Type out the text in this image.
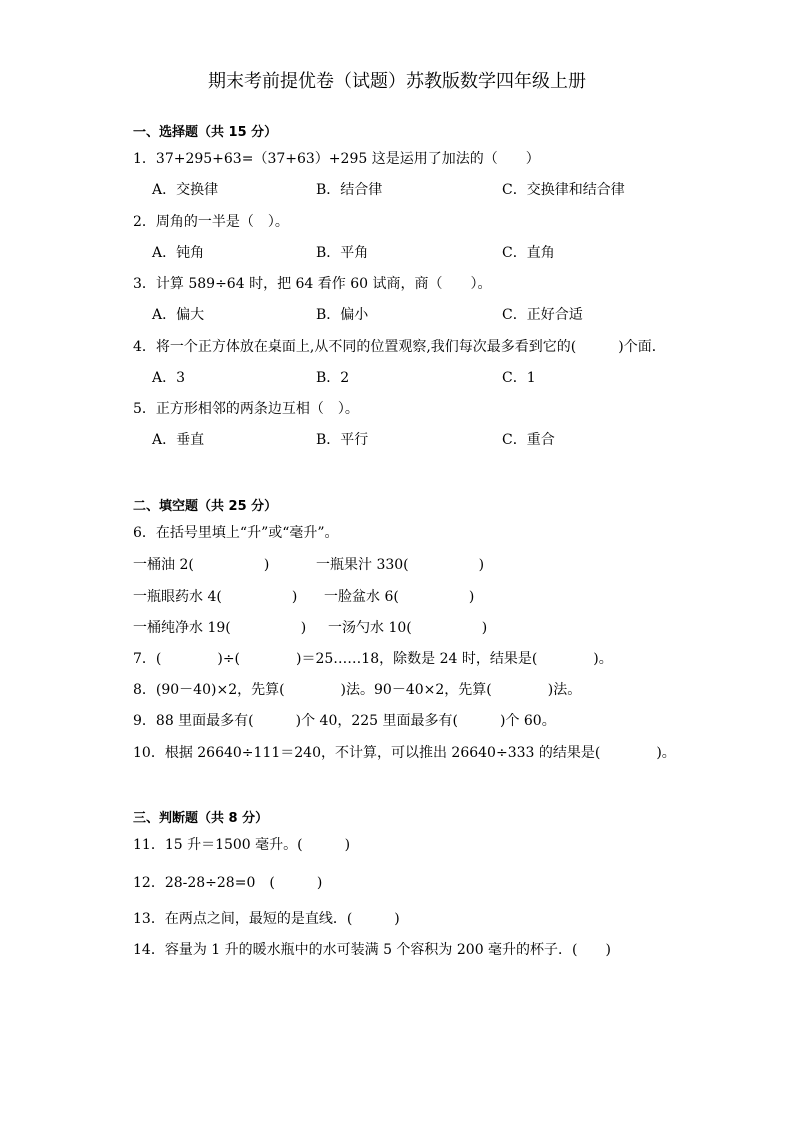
期末考前提优卷（试题）苏教版数学四年级上册
一、选择题（共 15 分）
1．37+295+63=（37+63）+295 这是运用了加法的（　　）
A．交换律	B．结合律	C．交换律和结合律
2．周角的一半是（　）。
A．钝角	B．平角	C．直角
3．计算 589÷64 时，把 64 看作 60 试商，商（　　）。
A．偏大	B．偏小	C．正好合适
4．将一个正方体放在桌面上,从不同的位置观察,我们每次最多看到它的(　　　)个面．
A．3	B．2	C．1
5．正方形相邻的两条边互相（　）。
A．垂直	B．平行	C．重合
二、填空题（共 25 分）
6．在括号里填上“升”或“毫升”。
一桶油 2(　　　　　)	一瓶果汁 330(　　　　　)
一瓶眼药水 4(　　　　　) 一脸盆水 6(　　　　　)
一桶纯净水 19(　　　　　) 一汤勺水 10(　　　　　)
7．(　　　　)÷(　　　　)＝25……18，除数是 24 时，结果是(　　　　)。
8．(90－40)×2，先算(　　　　)法。90－40×2，先算(　　　　)法。
9．88 里面最多有(　　　)个 40，225 里面最多有(　　　)个 60。
10．根据 26640÷111＝240，不计算，可以推出 26640÷333 的结果是(　　　　)。
三、判断题（共 8 分）
11．15 升＝1500 毫升。(　　　)
12．28-28÷28=0　(　　　)
13．在两点之间，最短的是直线．(　　　)
14．容量为 1 升的暖水瓶中的水可装满 5 个容积为 200 毫升的杯子．(　　)
